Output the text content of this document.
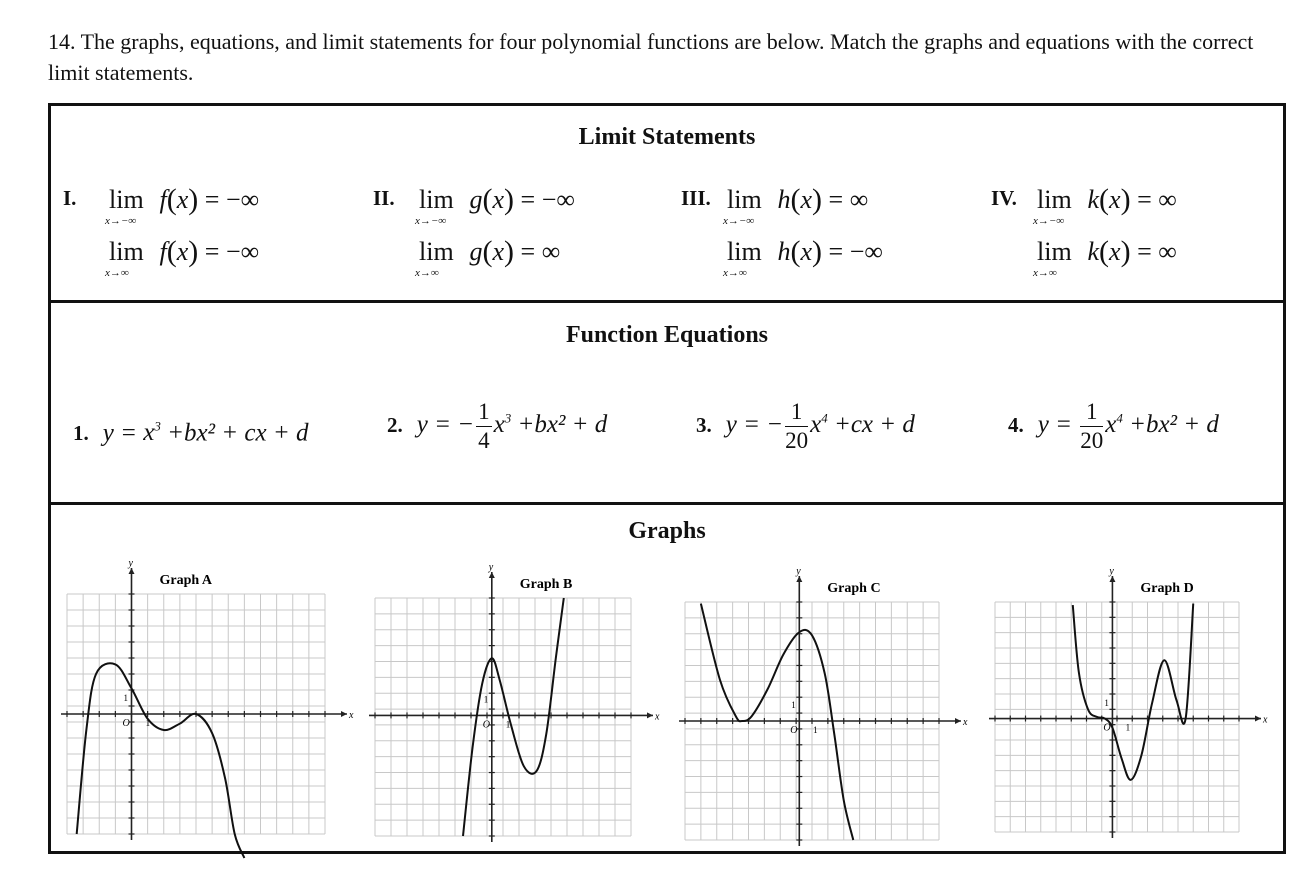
14. The graphs, equations, and limit statements for four polynomial functions are below. Match the graphs and equations with the correct limit statements.
Limit Statements
I. lim
x→−∞
f(x) = −∞
lim
x→∞
f(x) = −∞
II. lim
x→−∞
g(x) = −∞
lim
x→∞
g(x) = ∞
III. lim
x→−∞
h(x) = ∞
lim
x→∞
h(x) = −∞
IV. lim
x→−∞
k(x) = ∞
lim
x→∞
k(x) = ∞
Function Equations
1. $y = x^3 +bx^2$ + cx + d	2. y = − $\frac{1}{4} x^3 +bx^2 + d$	3. y = − $\frac{1}{20} x^4 +cx + d$	4. $y = \frac{1}{20} x^4 +bx^2 + d$
Graphs
x
y
O 1
1
Graph A
x
y
O 1
1
Graph B
x
y
O 1
1
Graph C
x
y
O 1
1
Graph D
